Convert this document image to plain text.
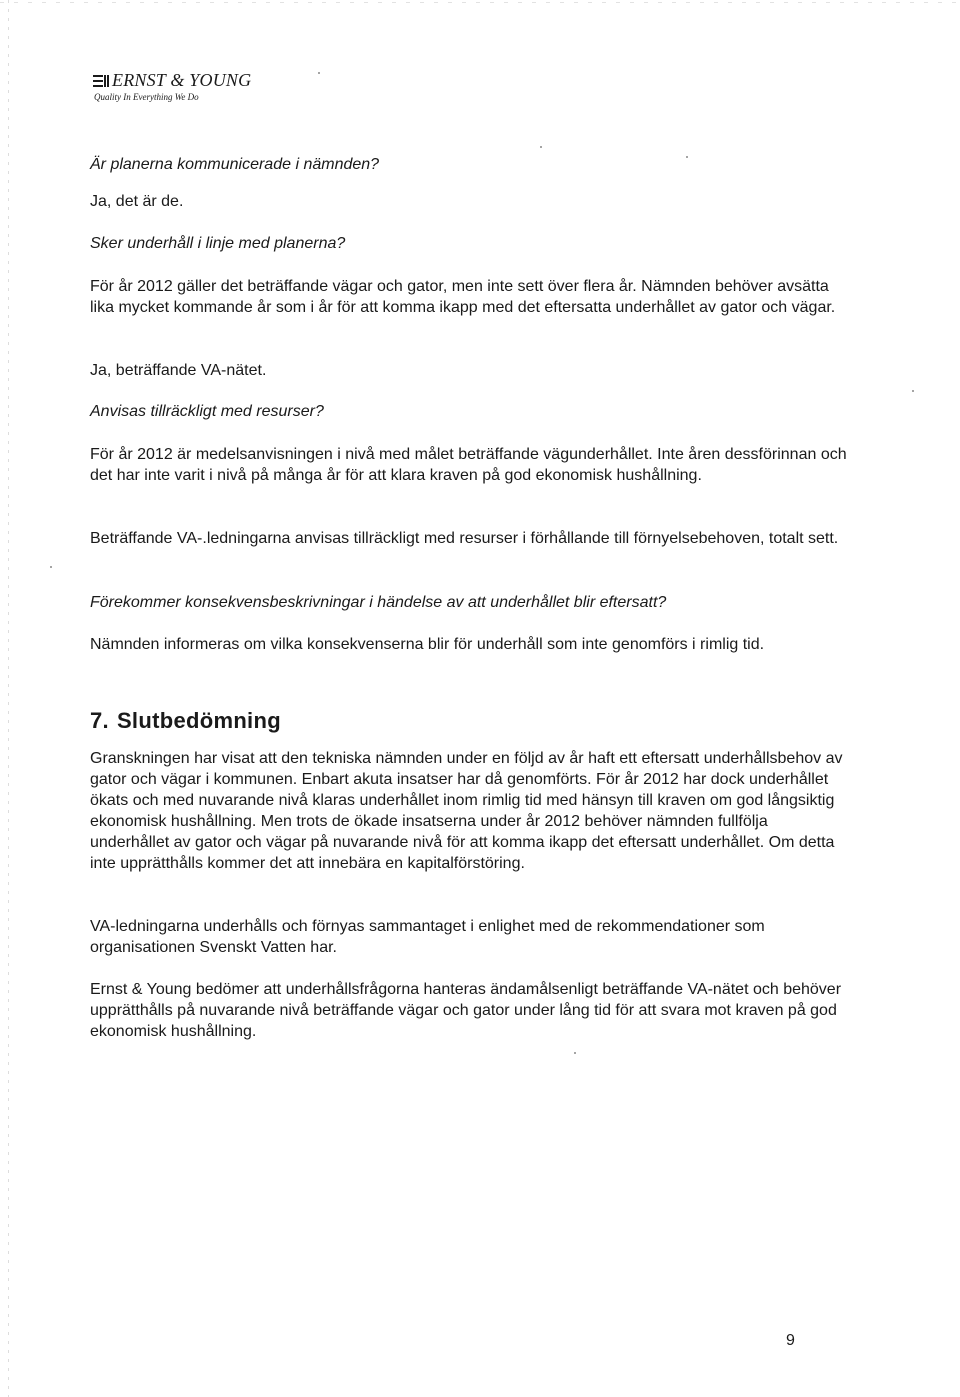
ERNST & YOUNG
Quality In Everything We Do

Är planerna kommunicerade i nämnden?

Ja, det är de.

Sker underhåll i linje med planerna?

För år 2012 gäller det beträffande vägar och gator, men inte sett över flera år. Nämnden behöver avsätta lika mycket kommande år som i år för att komma ikapp med det eftersatta underhållet av gator och vägar.

Ja, beträffande VA-nätet.

Anvisas tillräckligt med resurser?

För år 2012 är medelsanvisningen i nivå med målet beträffande vägunderhållet. Inte åren dessförinnan och det har inte varit i nivå på många år för att klara kraven på god ekonomisk hushållning.

Beträffande VA-.ledningarna anvisas tillräckligt med resurser i förhållande till förnyelsebehoven, totalt sett.

Förekommer konsekvensbeskrivningar i händelse av att underhållet blir eftersatt?

Nämnden informeras om vilka konsekvenserna blir för underhåll som inte genomförs i rimlig tid.

7. Slutbedömning

Granskningen har visat att den tekniska nämnden under en följd av år haft ett eftersatt underhållsbehov av gator och vägar i kommunen. Enbart akuta insatser har då genomförts. För år 2012 har dock underhållet ökats och med nuvarande nivå klaras underhållet inom rimlig tid med hänsyn till kraven om god långsiktig ekonomisk hushållning. Men trots de ökade insatserna under år 2012 behöver nämnden fullfölja underhållet av gator och vägar på nuvarande nivå för att komma ikapp det eftersatt underhållet. Om detta inte upprätthålls kommer det att innebära en kapitalförstöring.

VA-ledningarna underhålls och förnyas sammantaget i enlighet med de rekommendationer som organisationen Svenskt Vatten har.

Ernst & Young bedömer att underhållsfrågorna hanteras ändamålsenligt beträffande VA-nätet och behöver upprätthålls på nuvarande nivå beträffande vägar och gator under lång tid för att svara mot kraven på god ekonomisk hushållning.

9
